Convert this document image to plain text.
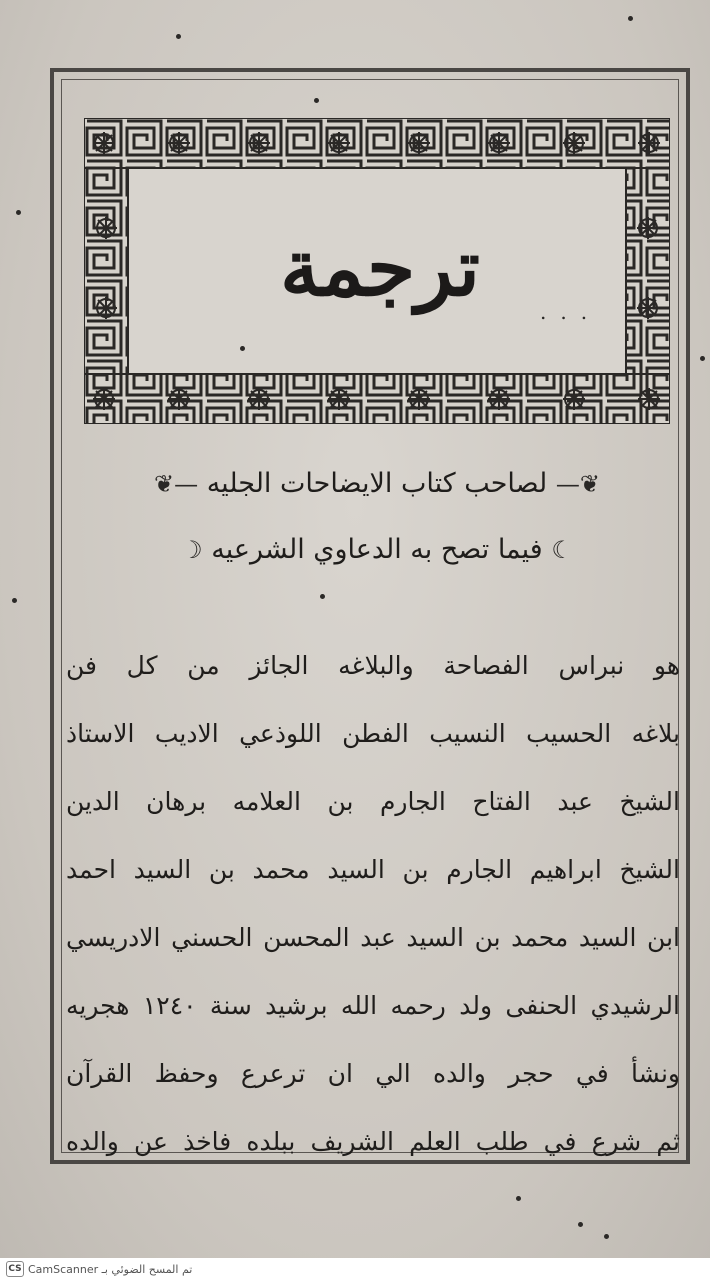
ترجمة	...
❦— لصاحب كتاب الايضاحات الجليه —❦
☾ فيما تصح به الدعاوي الشرعيه ☽
هو نبراس الفصاحة والبلاغه الجائز من كل فن
بلاغه الحسيب النسيب الفطن اللوذعي الاديب الاستاذ
الشيخ عبد الفتاح الجارم بن العلامه برهان الدين
الشيخ ابراهيم الجارم بن السيد محمد بن السيد احمد
ابن السيد محمد بن السيد عبد المحسن الحسني الادريسي
الرشيدي الحنفى ولد رحمه الله برشيد سنة ١٢٤٠ هجريه
ونشأ في حجر والده الي ان ترعرع وحفظ القرآن
ثم شرع في طلب العلم الشريف ببلده فاخذ عن والده
CS CamScanner تم المسح الضوئي بـ
